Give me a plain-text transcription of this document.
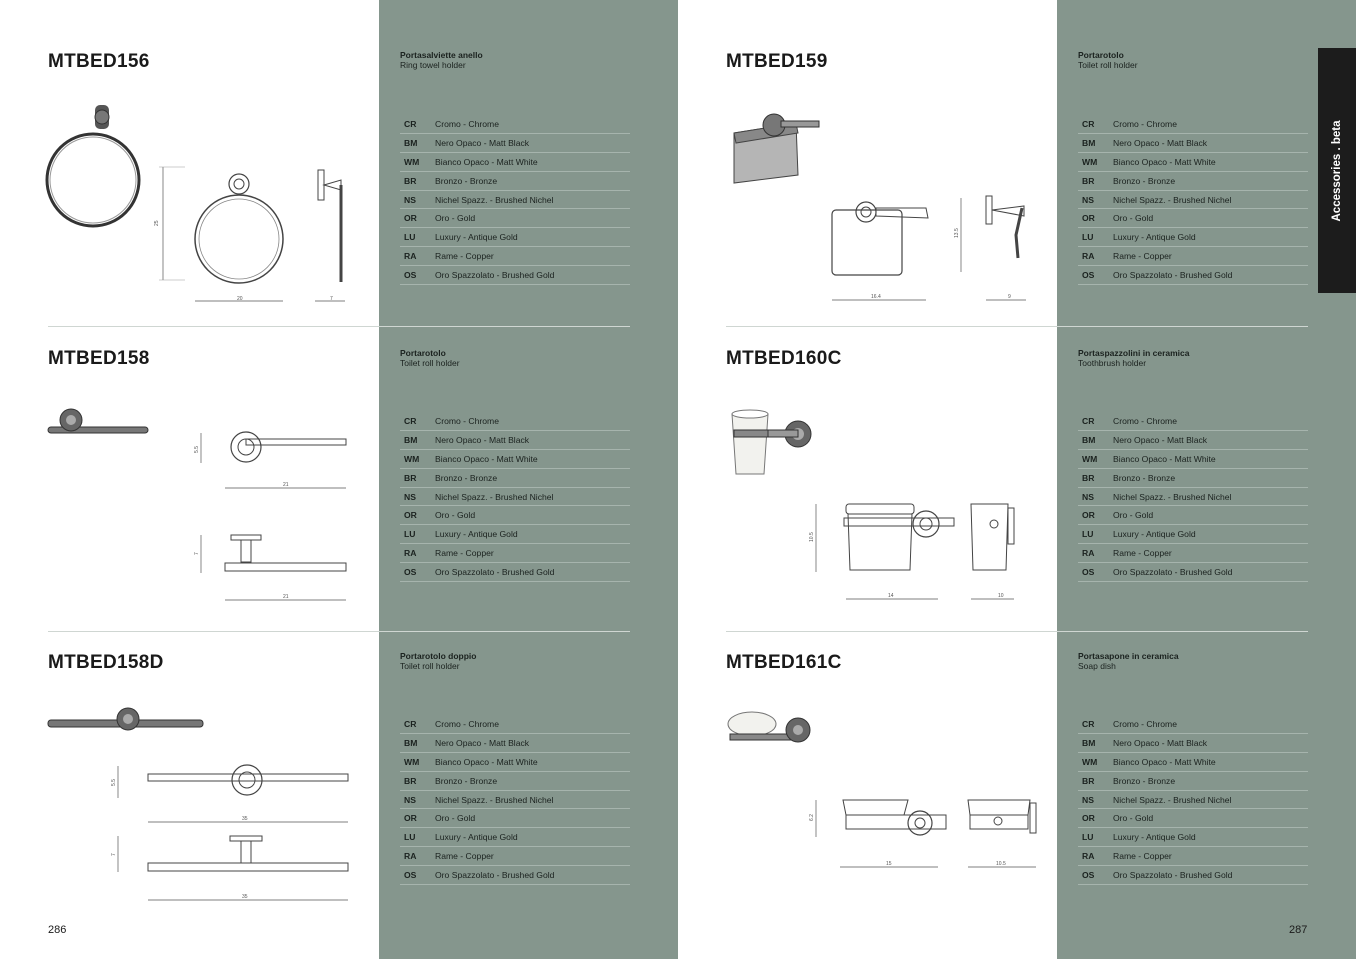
MTBED156	Portasalviette anello
Ring towel holder
CR	Cromo - Chrome
BM	Nero Opaco - Matt Black
WM	Bianco Opaco - Matt White
BR	Bronzo - Bronze
NS	Nichel Spazz. - Brushed Nichel
OR	Oro - Gold
LU	Luxury - Antique Gold
RA	Rame - Copper
OS	Oro Spazzolato - Brushed Gold
25
20	7
MTBED158	Portarotolo
Toilet roll holder
CR	Cromo - Chrome
BM	Nero Opaco - Matt Black
WM	Bianco Opaco - Matt White
BR	Bronzo - Bronze
NS	Nichel Spazz. - Brushed Nichel
OR	Oro - Gold
LU	Luxury - Antique Gold
RA	Rame - Copper
OS	Oro Spazzolato - Brushed Gold
5.5
21
7
21
MTBED158D	Portarotolo doppio
Toilet roll holder
CR	Cromo - Chrome
BM	Nero Opaco - Matt Black
WM	Bianco Opaco - Matt White
BR	Bronzo - Bronze
NS	Nichel Spazz. - Brushed Nichel
OR	Oro - Gold
LU	Luxury - Antique Gold
RA	Rame - Copper
OS	Oro Spazzolato - Brushed Gold
5.5
35
7
35
286
MTBED159	Portarotolo
Toilet roll holder
CR	Cromo - Chrome
BM	Nero Opaco - Matt Black
WM	Bianco Opaco - Matt White
BR	Bronzo - Bronze
NS	Nichel Spazz. - Brushed Nichel
OR	Oro - Gold
LU	Luxury - Antique Gold
RA	Rame - Copper
OS	Oro Spazzolato - Brushed Gold
16.4
13.5
9
MTBED160C	Portaspazzolini in ceramica
Toothbrush holder
CR	Cromo - Chrome
BM	Nero Opaco - Matt Black
WM	Bianco Opaco - Matt White
BR	Bronzo - Bronze
NS	Nichel Spazz. - Brushed Nichel
OR	Oro - Gold
LU	Luxury - Antique Gold
RA	Rame - Copper
OS	Oro Spazzolato - Brushed Gold
10.5
14	10
MTBED161C	Portasapone in ceramica
Soap dish
CR	Cromo - Chrome
BM	Nero Opaco - Matt Black
WM	Bianco Opaco - Matt White
BR	Bronzo - Bronze
NS	Nichel Spazz. - Brushed Nichel
OR	Oro - Gold
LU	Luxury - Antique Gold
RA	Rame - Copper
OS	Oro Spazzolato - Brushed Gold
6.2
15	10.5
287
Accessories . beta
